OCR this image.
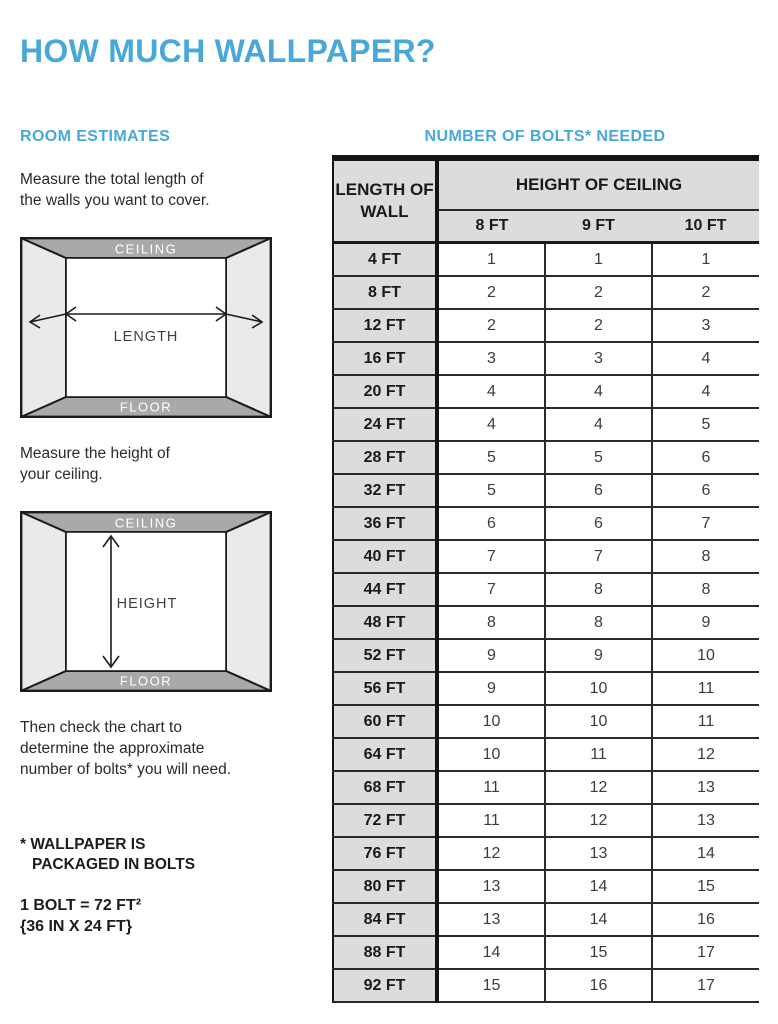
HOW MUCH WALLPAPER?
ROOM ESTIMATES
Measure the total length of
the walls you want to cover.
CEILING
FLOOR
LENGTH
Measure the height of
your ceiling.
CEILING
FLOOR
HEIGHT
Then check the chart to
determine the approximate
number of bolts* you will need.
* WALLPAPER IS
PACKAGED IN BOLTS
1 BOLT = 72 FT²
{36 IN X 24 FT}
NUMBER OF BOLTS* NEEDED
LENGTH OF WALL	HEIGHT OF CEILING		
	8 FT	9 FT	10 FT
4 FT	1	1	1
8 FT	2	2	2
12 FT	2	2	3
16 FT	3	3	4
20 FT	4	4	4
24 FT	4	4	5
28 FT	5	5	6
32 FT	5	6	6
36 FT	6	6	7
40 FT	7	7	8
44 FT	7	8	8
48 FT	8	8	9
52 FT	9	9	10
56 FT	9	10	11
60 FT	10	10	11
64 FT	10	11	12
68 FT	11	12	13
72 FT	11	12	13
76 FT	12	13	14
80 FT	13	14	15
84 FT	13	14	16
88 FT	14	15	17
92 FT	15	16	17
